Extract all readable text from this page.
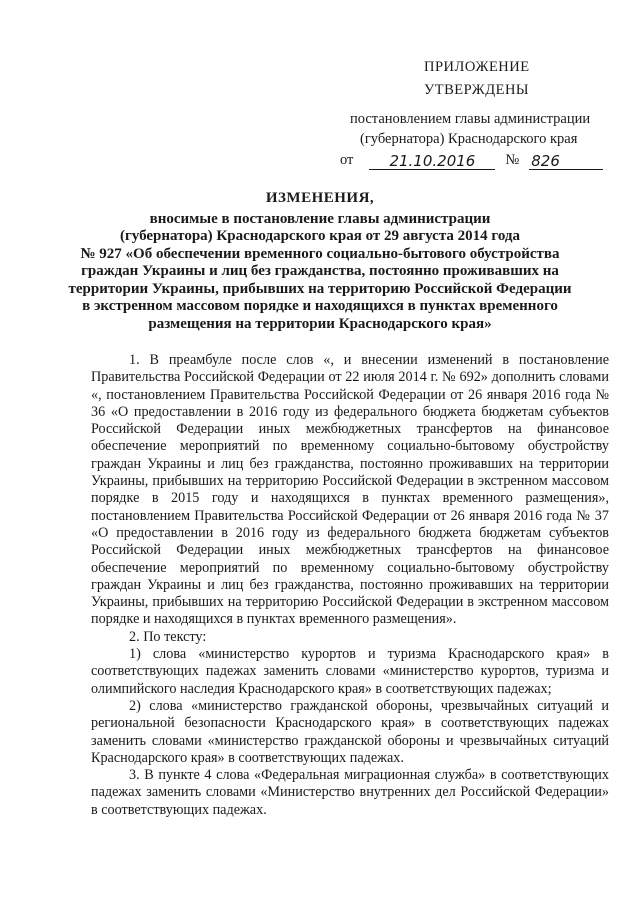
ПРИЛОЖЕНИЕ
УТВЕРЖДЕНЫ
постановлением главы администрации
(губернатора) Краснодарского края
от	21.10.2016	№ 826
ИЗМЕНЕНИЯ,
вносимые в постановление главы администрации
(губернатора) Краснодарского края от 29 августа 2014 года
№ 927 «Об обеспечении временного социально-бытового обустройства
граждан Украины и лиц без гражданства, постоянно проживавших на
территории Украины, прибывших на территорию Российской Федерации
в экстренном массовом порядке и находящихся в пунктах временного
размещения на территории Краснодарского края»

1. В преамбуле после слов «, и внесении изменений в постановление Правительства Российской Федерации от 22 июля 2014 г. № 692» дополнить словами «, постановлением Правительства Российской Федерации от 26 января 2016 года № 36 «О предоставлении в 2016 году из федерального бюджета бюджетам субъектов Российской Федерации иных межбюджетных трансфертов на финансовое обеспечение мероприятий по временному социально-бытовому обустройству граждан Украины и лиц без гражданства, постоянно проживавших на территории Украины, прибывших на территорию Российской Федерации в экстренном массовом порядке в 2015 году и находящихся в пунктах временного размещения», постановлением Правительства Российской Федерации от 26 января 2016 года № 37 «О предоставлении в 2016 году из федерального бюджета бюджетам субъектов Российской Федерации иных межбюджетных трансфертов на финансовое обеспечение мероприятий по временному социально-бытовому обустройству граждан Украины и лиц без гражданства, постоянно проживавших на территории Украины, прибывших на территорию Российской Федерации в экстренном массовом порядке и находящихся в пунктах временного размещения».

2. По тексту:

1) слова «министерство курортов и туризма Краснодарского края» в соответствующих падежах заменить словами «министерство курортов, туризма и олимпийского наследия Краснодарского края» в соответствующих падежах;

2) слова «министерство гражданской обороны, чрезвычайных ситуаций и региональной безопасности Краснодарского края» в соответствующих падежах заменить словами «министерство гражданской обороны и чрезвычайных ситуаций Краснодарского края» в соответствующих падежах.

3. В пункте 4 слова «Федеральная миграционная служба» в соответствующих падежах заменить словами «Министерство внутренних дел Российской Федерации» в соответствующих падежах.
